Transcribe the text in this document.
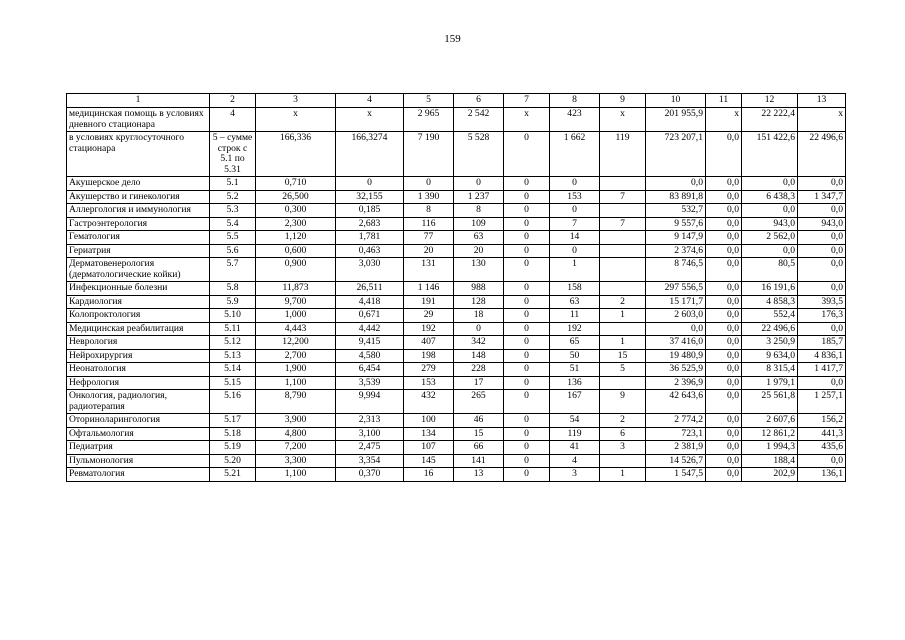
159
1	2	3	4	5	6	7	8	9	10	11	12	13
медицинская помощь в условиях дневного стационара	4	x	x	2 965	2 542	x	423	x	201 955,9	x	22 222,4	x
в условиях круглосуточного стационара	5 – сумме строк с 5.1 по 5.31	166,336	166,3274	7 190	5 528	0	1 662	119	723 207,1	0,0	151 422,6	22 496,6
Акушерское дело	5.1	0,710	0	0	0	0	0		0,0	0,0	0,0	0,0
Акушерство и гинекология	5.2	26,500	32,155	1 390	1 237	0	153	7	83 891,8	0,0	6 438,3	1 347,7
Аллергология и иммунология	5.3	0,300	0,185	8	8	0	0		532,7	0,0	0,0	0,0
Гастроэнтерология	5.4	2,300	2,683	116	109	0	7	7	9 557,6	0,0	943,0	943,0
Гематология	5.5	1,120	1,781	77	63	0	14		9 147,9	0,0	2 562,0	0,0
Гериатрия	5.6	0,600	0,463	20	20	0	0		2 374,6	0,0	0,0	0,0
Дерматовенерология (дерматологические койки)	5.7	0,900	3,030	131	130	0	1		8 746,5	0,0	80,5	0,0
Инфекционные болезни	5.8	11,873	26,511	1 146	988	0	158		297 556,5	0,0	16 191,6	0,0
Кардиология	5.9	9,700	4,418	191	128	0	63	2	15 171,7	0,0	4 858,3	393,5
Колопроктология	5.10	1,000	0,671	29	18	0	11	1	2 603,0	0,0	552,4	176,3
Медицинская реабилитация	5.11	4,443	4,442	192	0	0	192		0,0	0,0	22 496,6	0,0
Неврология	5.12	12,200	9,415	407	342	0	65	1	37 416,0	0,0	3 250,9	185,7
Нейрохирургия	5.13	2,700	4,580	198	148	0	50	15	19 480,9	0,0	9 634,0	4 836,1
Неонатология	5.14	1,900	6,454	279	228	0	51	5	36 525,9	0,0	8 315,4	1 417,7
Нефрология	5.15	1,100	3,539	153	17	0	136		2 396,9	0,0	1 979,1	0,0
Онкология, радиология, радиотерапия	5.16	8,790	9,994	432	265	0	167	9	42 643,6	0,0	25 561,8	1 257,1
Оториноларингология	5.17	3,900	2,313	100	46	0	54	2	2 774,2	0,0	2 607,6	156,2
Офтальмология	5.18	4,800	3,100	134	15	0	119	6	723,1	0,0	12 861,2	441,3
Педиатрия	5.19	7,200	2,475	107	66	0	41	3	2 381,9	0,0	1 994,3	435,6
Пульмонология	5.20	3,300	3,354	145	141	0	4		14 526,7	0,0	188,4	0,0
Ревматология	5.21	1,100	0,370	16	13	0	3	1	1 547,5	0,0	202,9	136,1
